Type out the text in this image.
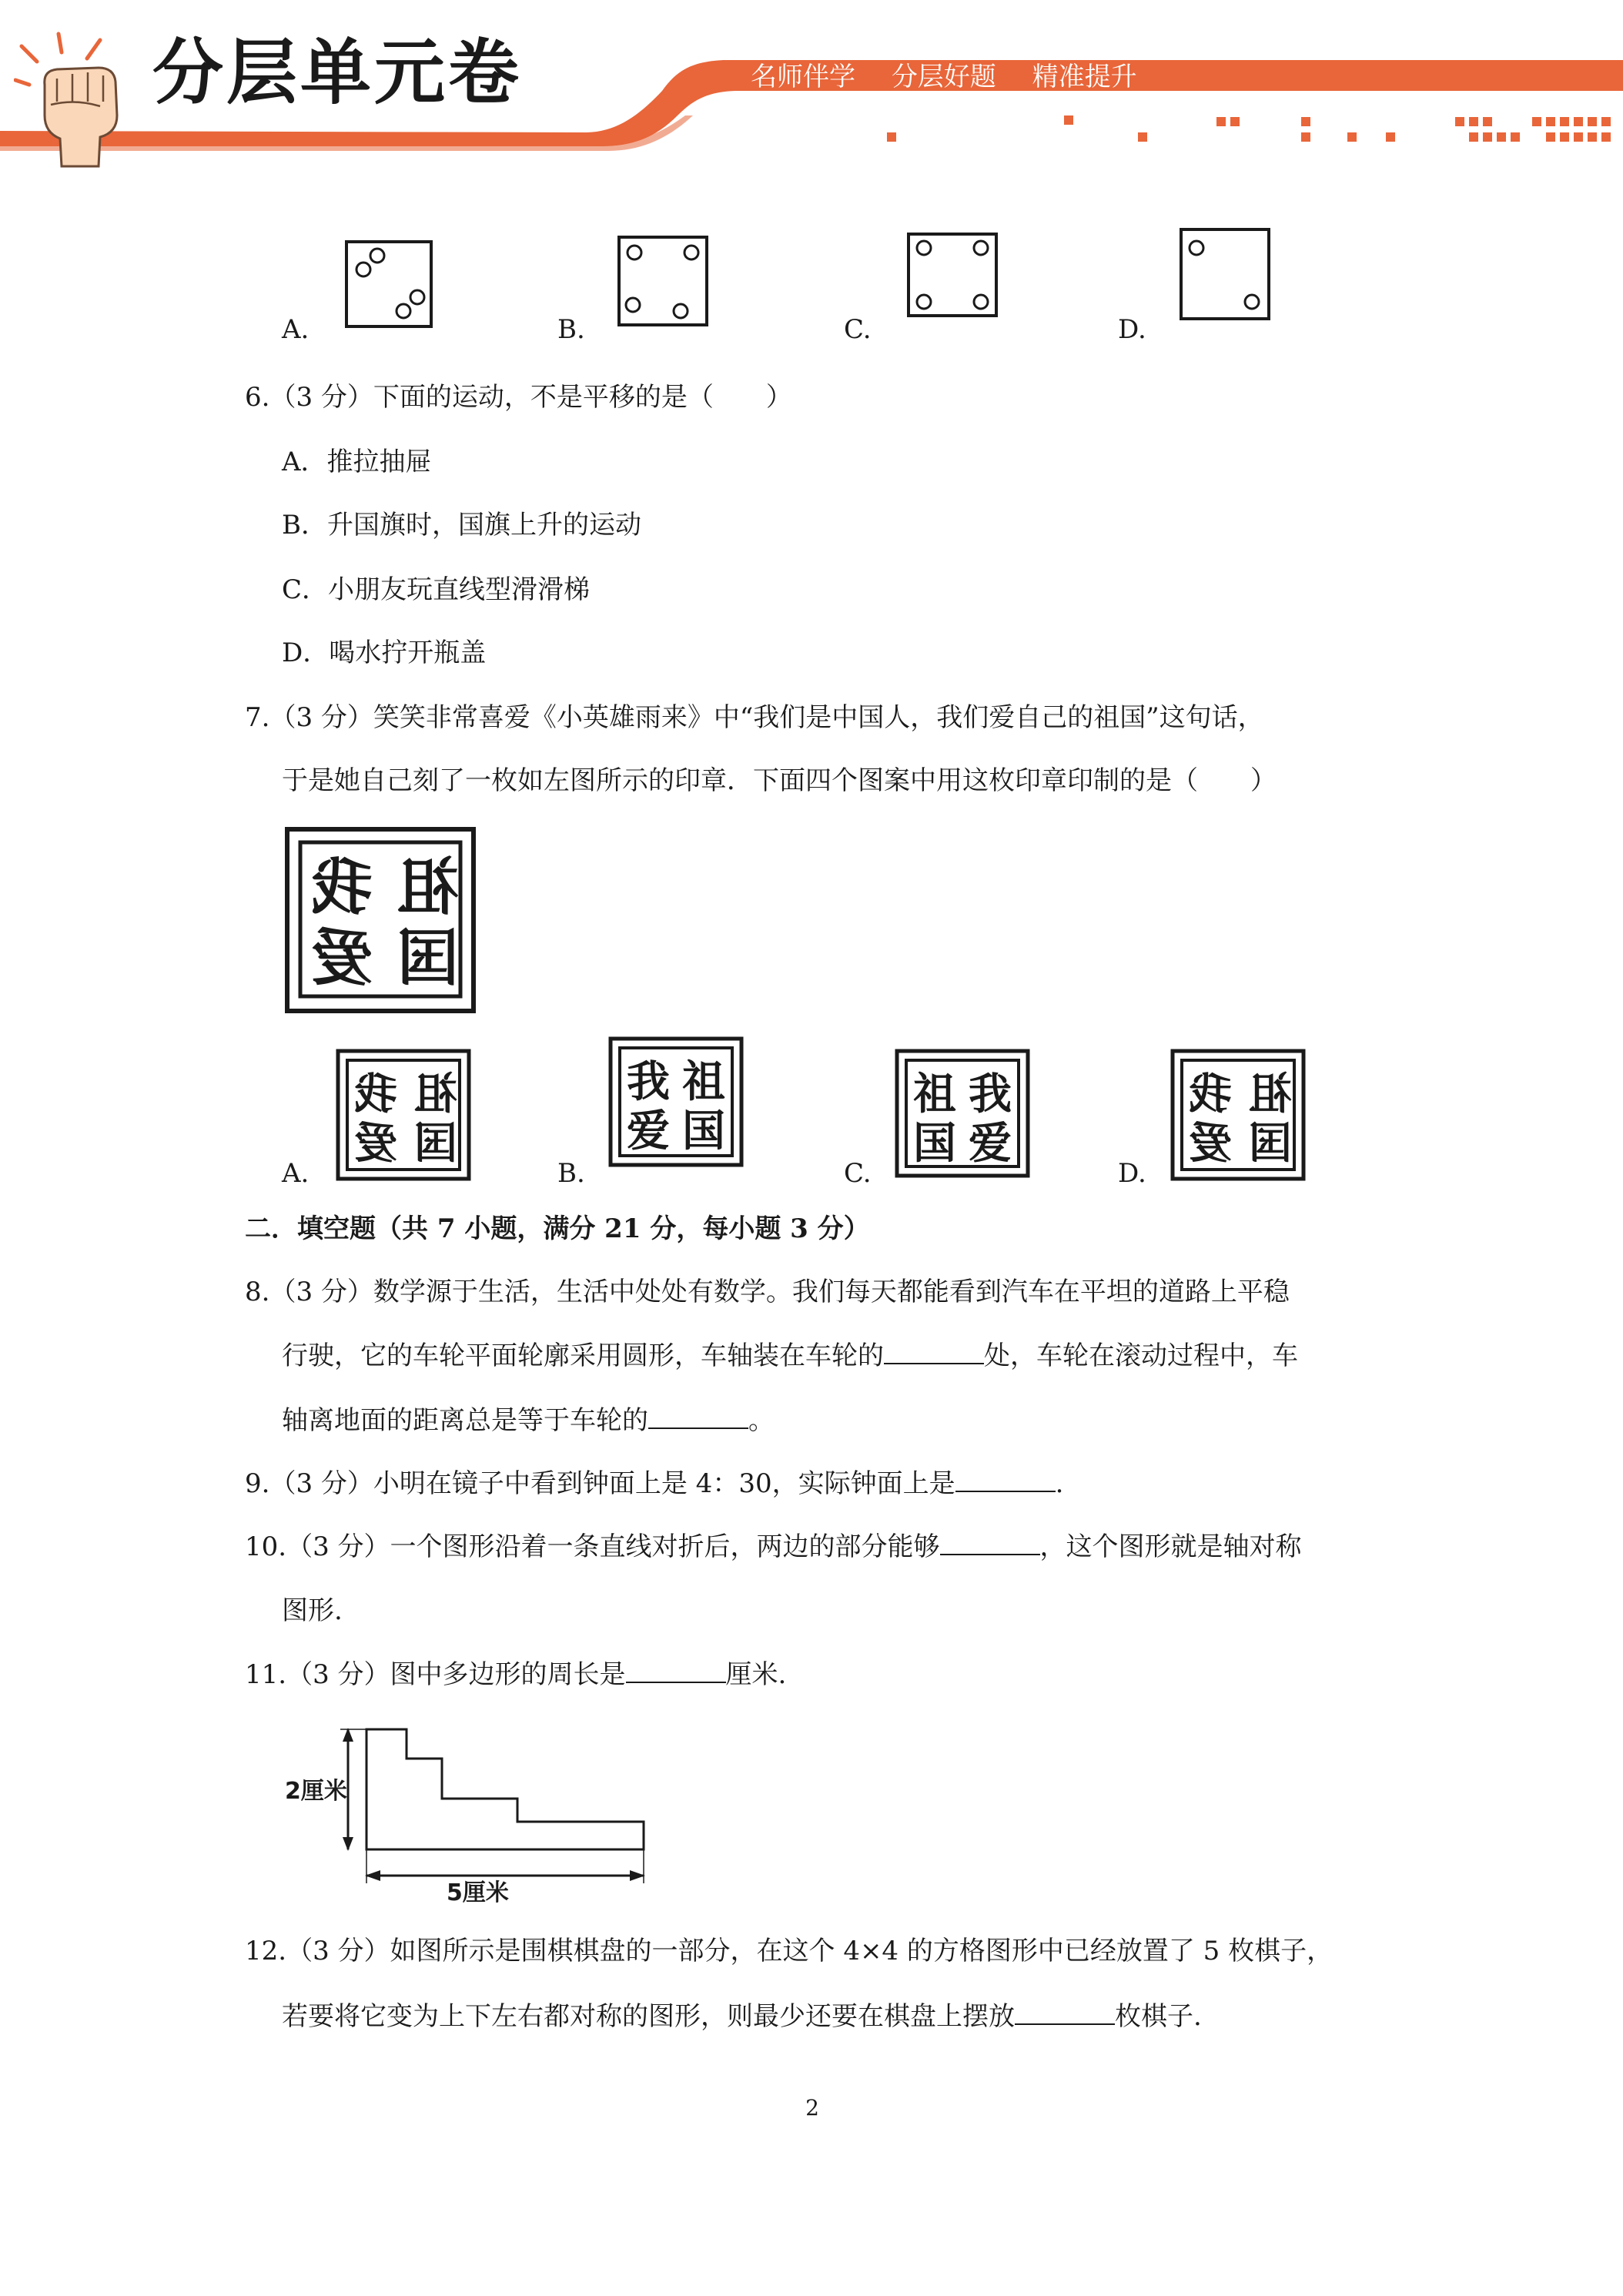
分层单元卷	名师伴学 分层好题 精准提升
A.	B.	C.	D.
6.（3 分）下面的运动，不是平移的是（　　）
A．推拉抽屉
B．升国旗时，国旗上升的运动
C．小朋友玩直线型滑滑梯
D．喝水拧开瓶盖
7.（3 分）笑笑非常喜爱《小英雄雨来》中“我们是中国人，我们爱自己的祖国”这句话，
于是她自己刻了一枚如左图所示的印章．下面四个图案中用这枚印章印制的是（　　）
祖
我
国
爱
A.
祖
我
国
爱
B.
我 祖
爱 国
C.
祖 我
国 爱
D.
祖
我
国
爱
二．填空题（共 7 小题，满分 21 分，每小题 3 分）
8.（3 分）数学源于生活，生活中处处有数学。我们每天都能看到汽车在平坦的道路上平稳
行驶，它的车轮平面轮廓采用圆形，车轴装在车轮的	处，车轮在滚动过程中，车
轴离地面的距离总是等于车轮的	。
9.（3 分）小明在镜子中看到钟面上是 4：30，实际钟面上是	.
10.（3 分）一个图形沿着一条直线对折后，两边的部分能够	，这个图形就是轴对称
图形.
11.（3 分）图中多边形的周长是	厘米.
2厘米
5厘米
12.（3 分）如图所示是围棋棋盘的一部分，在这个 4×4 的方格图形中已经放置了 5 枚棋子，
若要将它变为上下左右都对称的图形，则最少还要在棋盘上摆放	枚棋子.
2
